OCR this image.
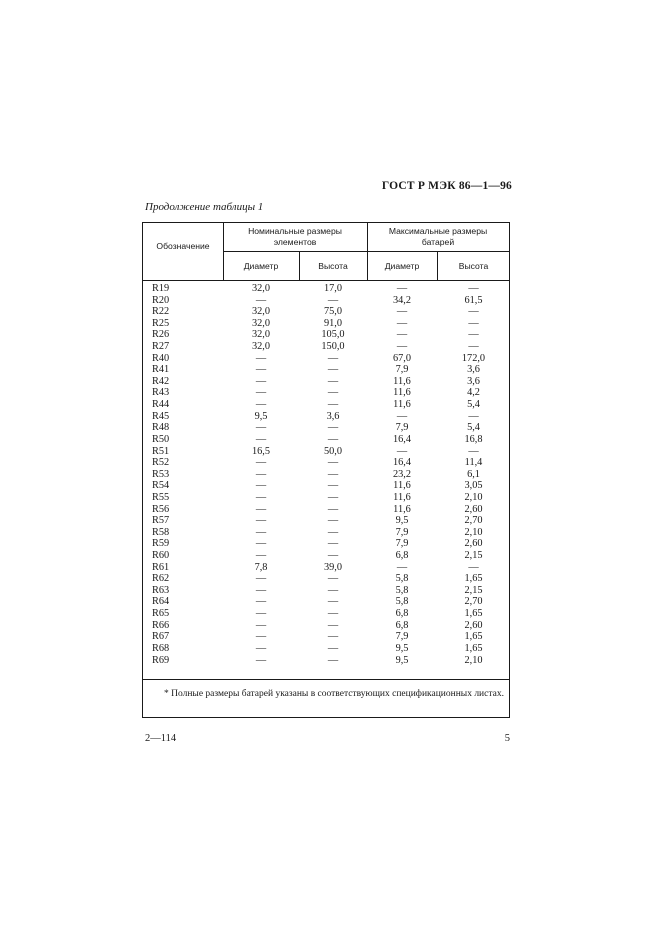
ГОСТ Р МЭК 86—1—96
Продолжение таблицы 1
Обозначение
Номинальные размеры элементов
Максимальные размеры батарей
Диаметр	Высота	Диаметр	Высота
R19	32,0	17,0	—	—
R20	—	—	34,2	61,5
R22	32,0	75,0	—	—
R25	32,0	91,0	—	—
R26	32,0	105,0	—	—
R27	32,0	150,0	—	—
R40	—	—	67,0	172,0
R41	—	—	7,9	3,6
R42	—	—	11,6	3,6
R43	—	—	11,6	4,2
R44	—	—	11,6	5,4
R45	9,5	3,6	—	—
R48	—	—	7,9	5,4
R50	—	—	16,4	16,8
R51	16,5	50,0	—	—
R52	—	—	16,4	11,4
R53	—	—	23,2	6,1
R54	—	—	11,6	3,05
R55	—	—	11,6	2,10
R56	—	—	11,6	2,60
R57	—	—	9,5	2,70
R58	—	—	7,9	2,10
R59	—	—	7,9	2,60
R60	—	—	6,8	2,15
R61	7,8	39,0	—	—
R62	—	—	5,8	1,65
R63	—	—	5,8	2,15
R64	—	—	5,8	2,70
R65	—	—	6,8	1,65
R66	—	—	6,8	2,60
R67	—	—	7,9	1,65
R68	—	—	9,5	1,65
R69	—	—	9,5	2,10
* Полные размеры батарей указаны в соответствующих спецификационных листах.
2—114	5
